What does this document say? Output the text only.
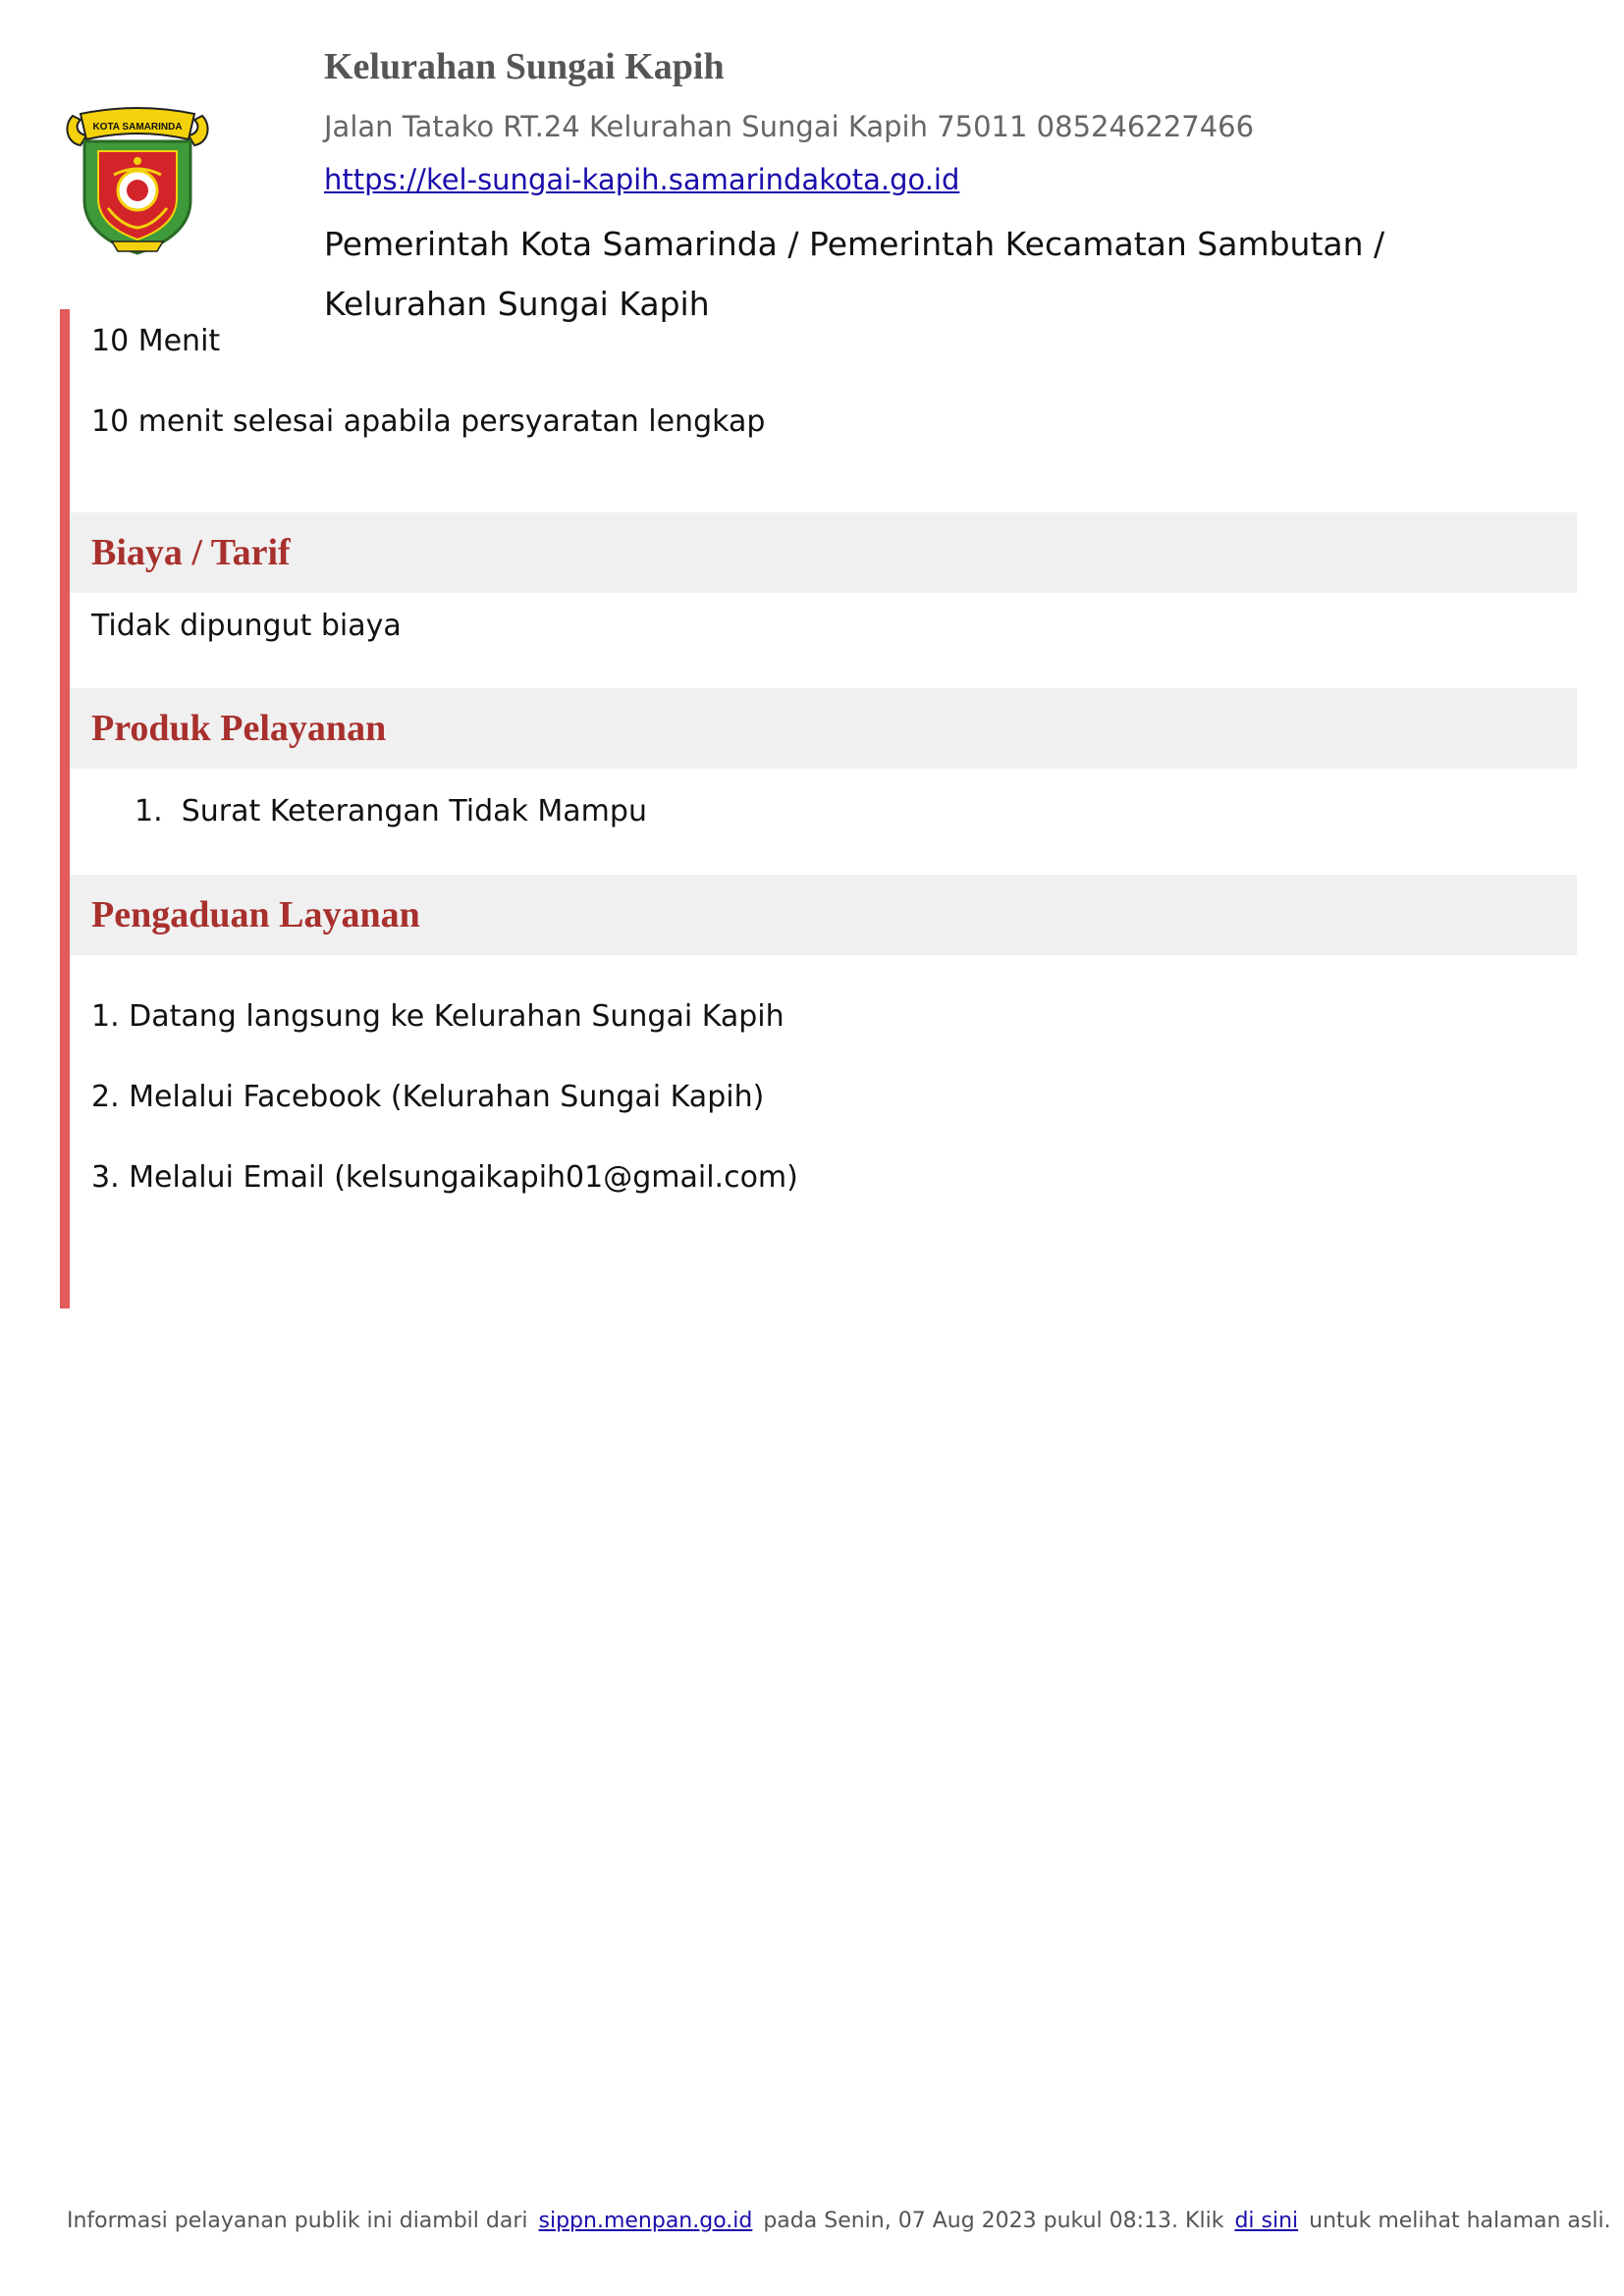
KOTA SAMARINDA
Kelurahan Sungai Kapih
Jalan Tatako RT.24 Kelurahan Sungai Kapih 75011 085246227466
https://kel-sungai-kapih.samarindakota.go.id
Pemerintah Kota Samarinda / Pemerintah Kecamatan Sambutan / Kelurahan Sungai Kapih
10 Menit
10 menit selesai apabila persyaratan lengkap
Biaya / Tarif
Tidak dipungut biaya
Produk Pelayanan
1. Surat Keterangan Tidak Mampu
Pengaduan Layanan
1. Datang langsung ke Kelurahan Sungai Kapih
2. Melalui Facebook (Kelurahan Sungai Kapih)
3. Melalui Email (kelsungaikapih01@gmail.com)
Informasi pelayanan publik ini diambil dari sippn.menpan.go.id pada Senin, 07 Aug 2023 pukul 08:13. Klik di sini untuk melihat halaman asli.
